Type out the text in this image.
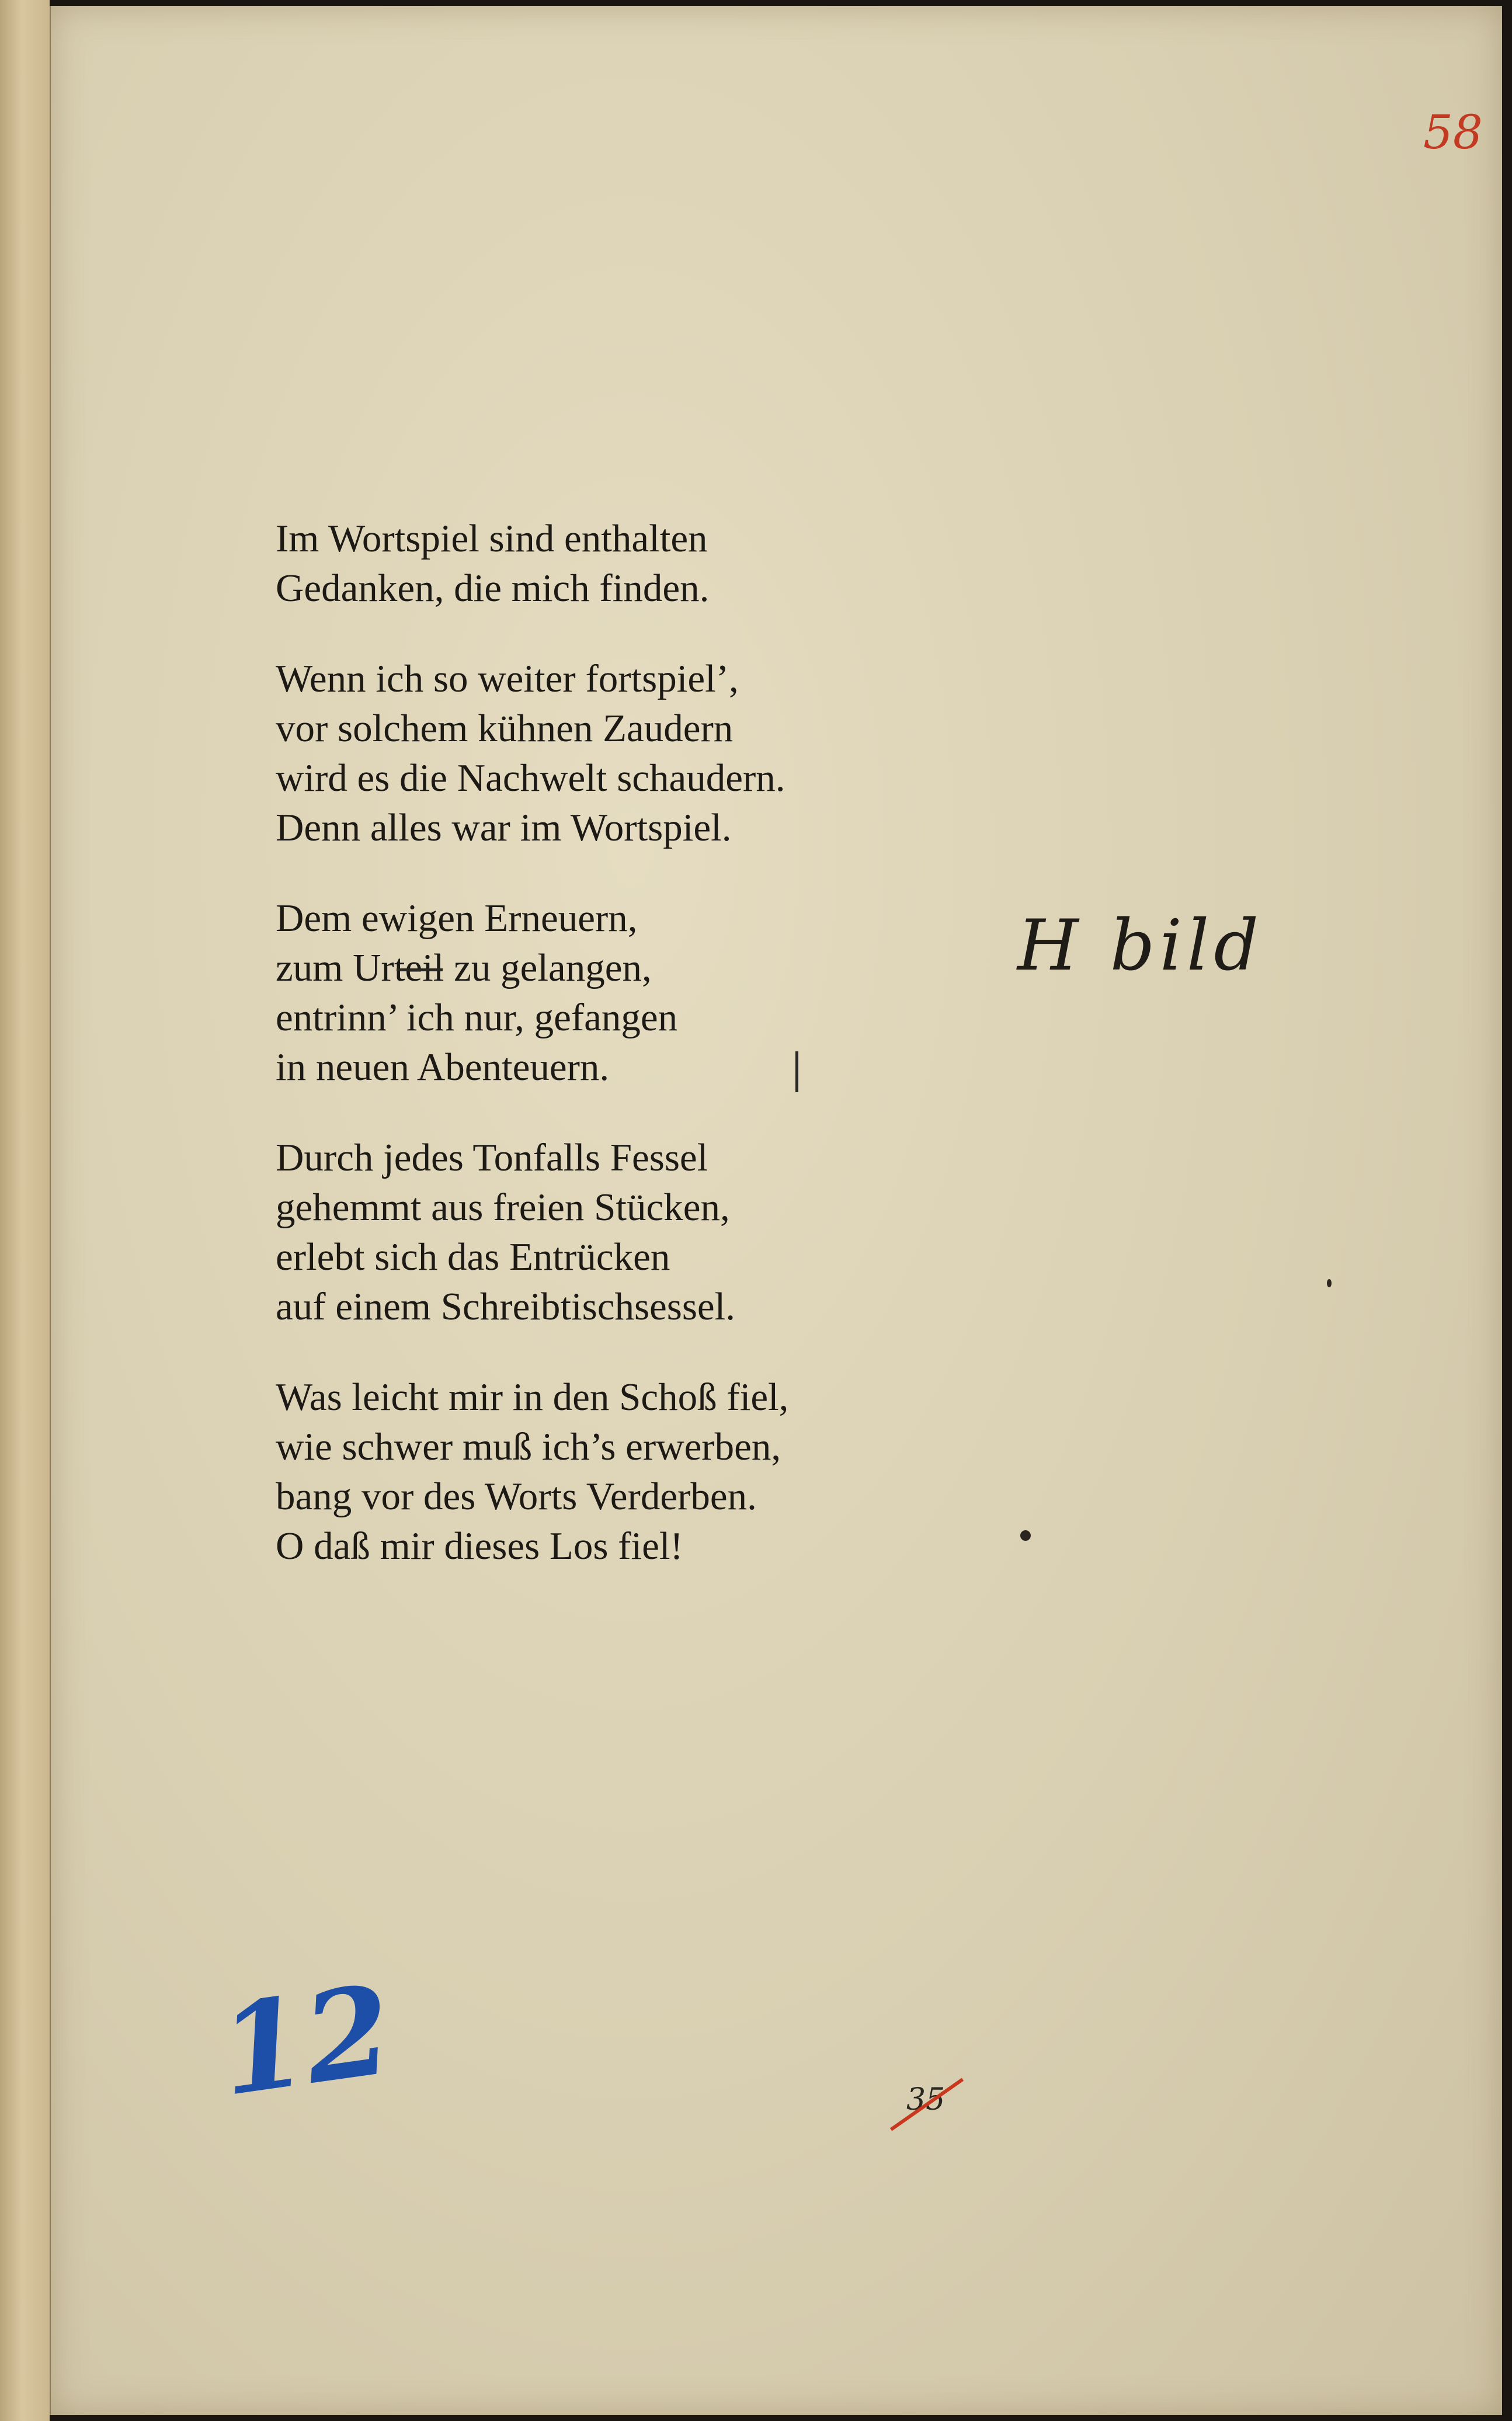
58
Im Wortspiel sind enthalten
Gedanken, die mich finden.
Wenn ich so weiter fortspiel’,
vor solchem kühnen Zaudern
wird es die Nachwelt schaudern.
Denn alles war im Wortspiel.
Dem ewigen Erneuern,
zum Urteil zu gelangen,
entrinn’ ich nur, gefangen
in neuen Abenteuern.
Durch jedes Tonfalls Fessel
gehemmt aus freien Stücken,
erlebt sich das Entrücken
auf einem Schreibtischsessel.
Was leicht mir in den Schoß fiel,
wie schwer muß ich’s erwerben,
bang vor des Worts Verderben.
O daß mir dieses Los fiel!
H bild
12	35
